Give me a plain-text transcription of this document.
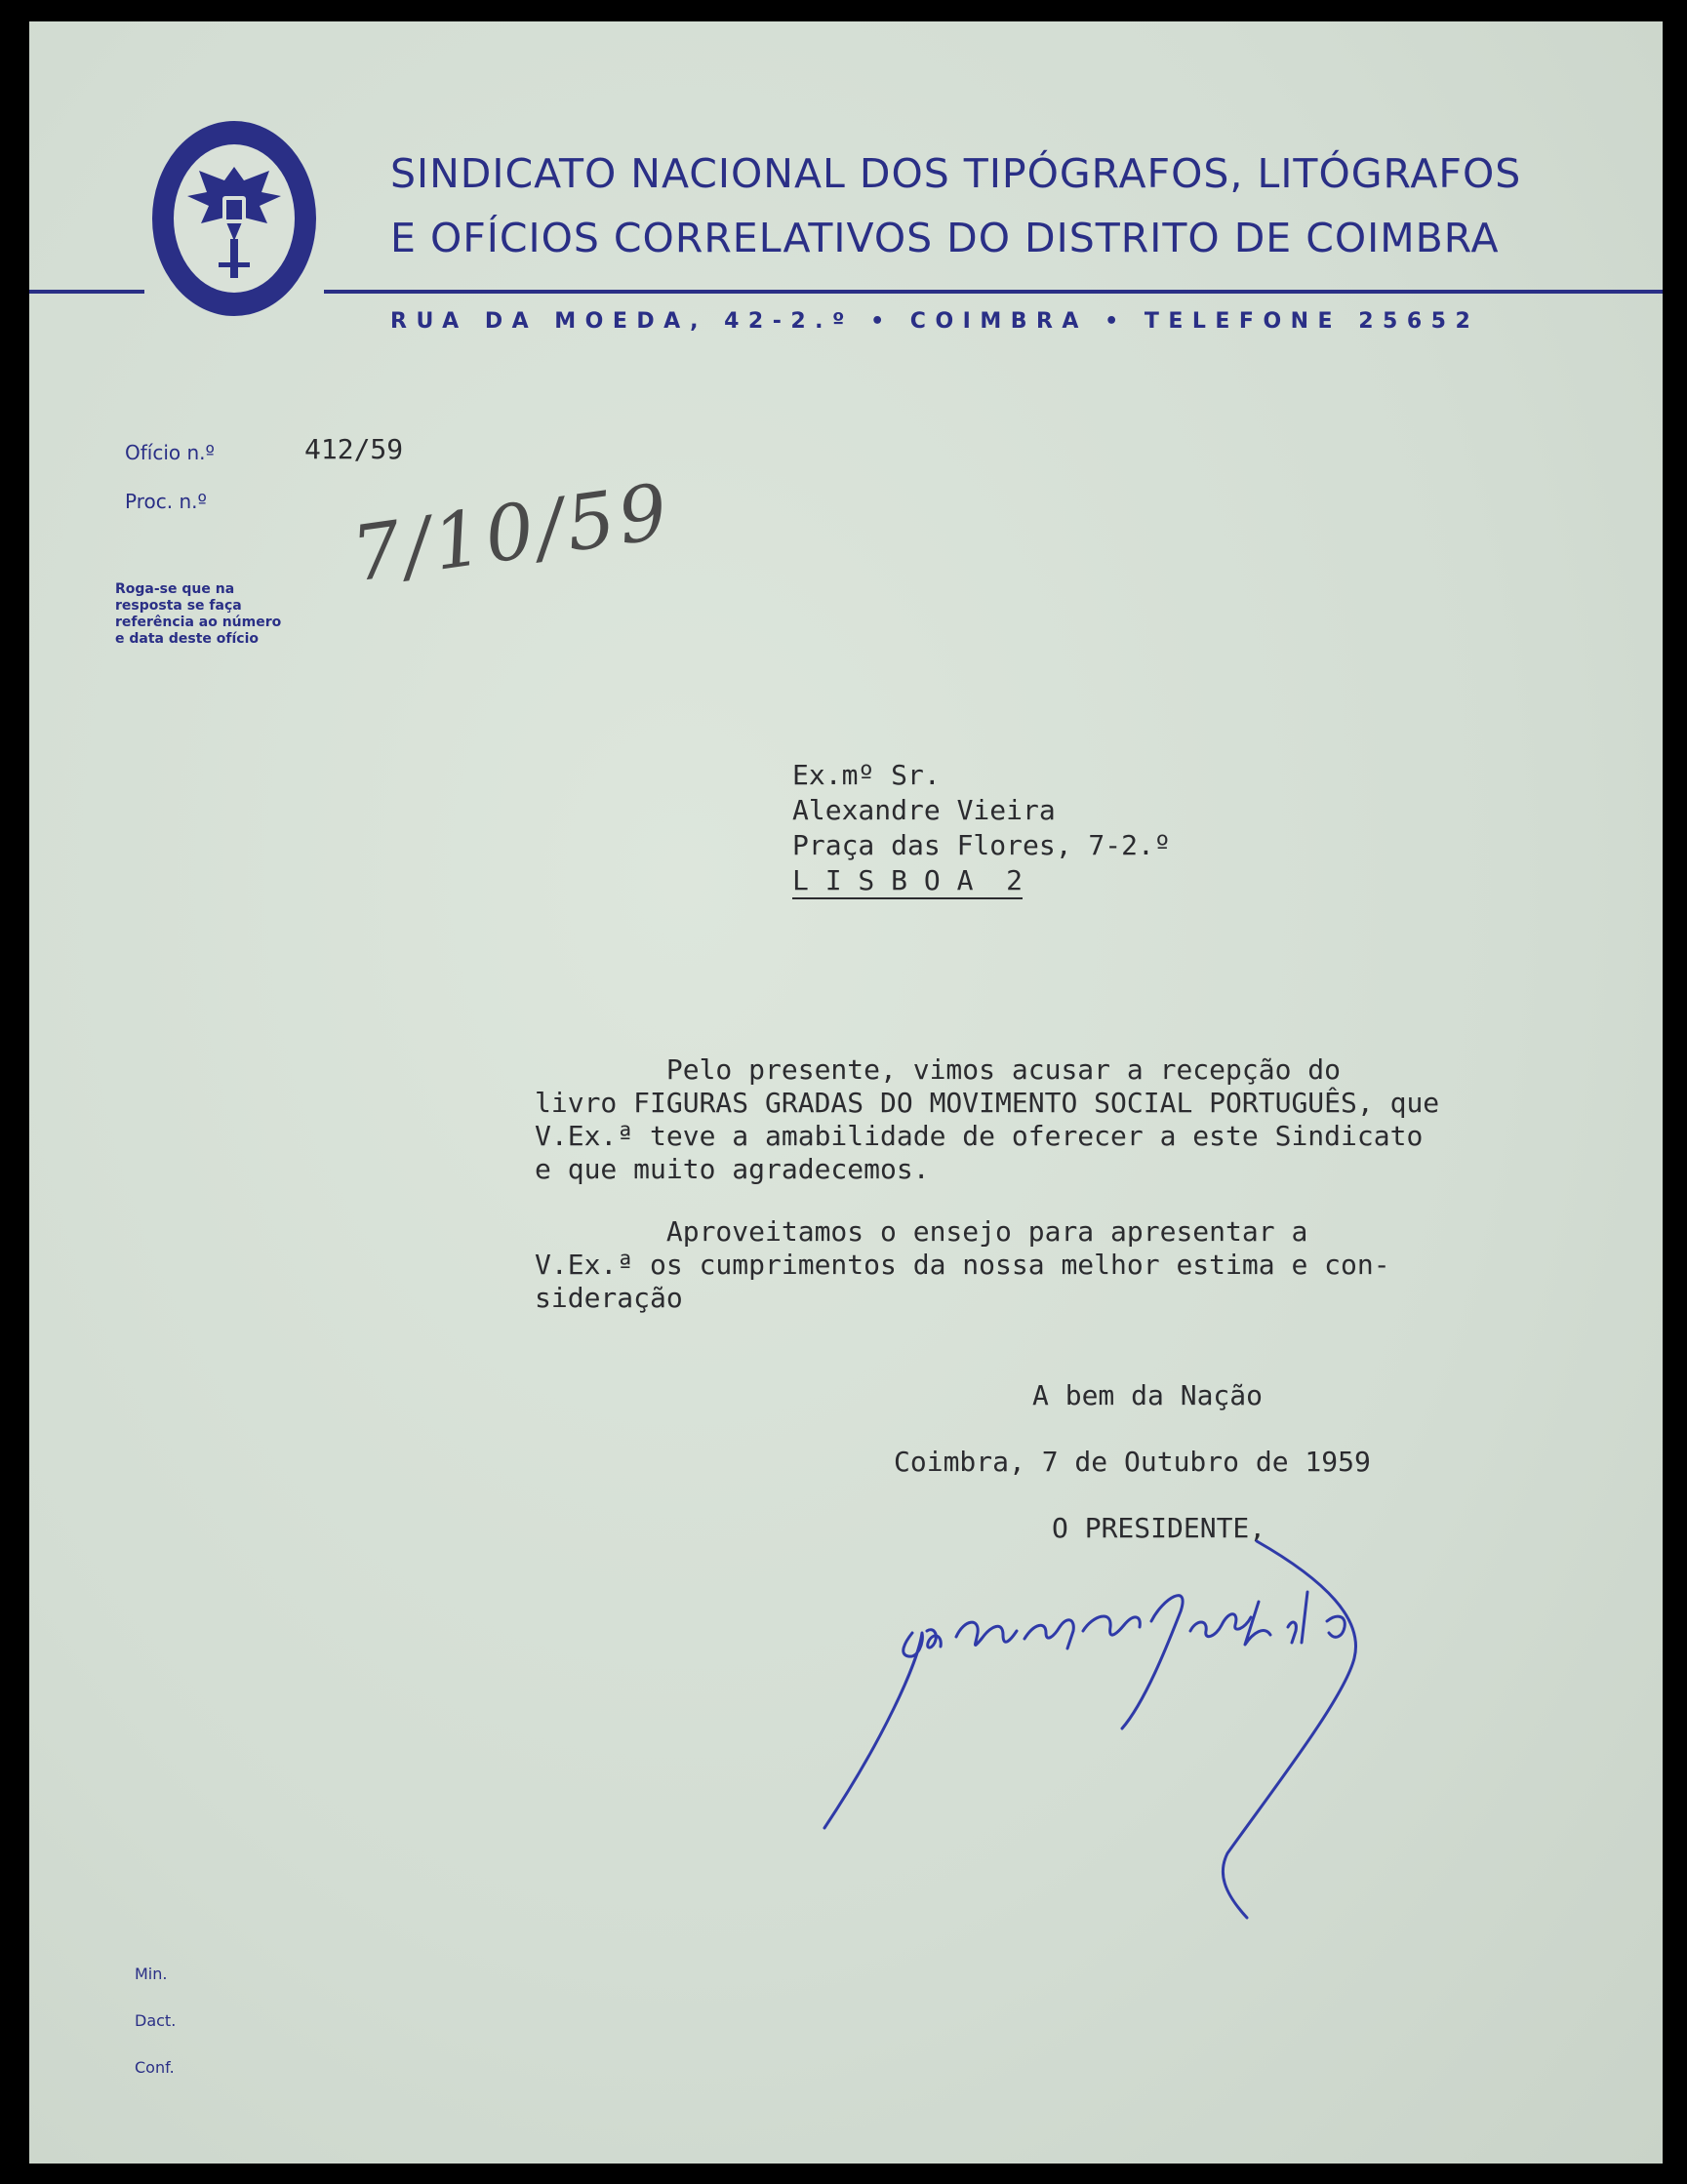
SINDICATO NACIONAL DOS TIPÓGRAFOS, LITÓGRAFOS
E OFÍCIOS CORRELATIVOS DO DISTRITO DE COIMBRA
RUA DA MOEDA, 42-2.º • COIMBRA • TELEFONE 25652
Ofício n.º	412/59
Proc. n.º 7/10/59
Roga-se que na resposta se faça referência ao número e data deste ofício
Ex.mº Sr.
Alexandre Vieira
Praça das Flores, 7-2.º
L I S B O A  2
Pelo presente, vimos acusar a recepção do
livro FIGURAS GRADAS DO MOVIMENTO SOCIAL PORTUGUÊS, que
V.Ex.ª teve a amabilidade de oferecer a este Sindicato
e que muito agradecemos.
Aproveitamos o ensejo para apresentar a
V.Ex.ª os cumprimentos da nossa melhor estima e con-
sideração
A bem da Nação
Coimbra, 7 de Outubro de 1959
O PRESIDENTE,
Min.
Dact.
Conf.
